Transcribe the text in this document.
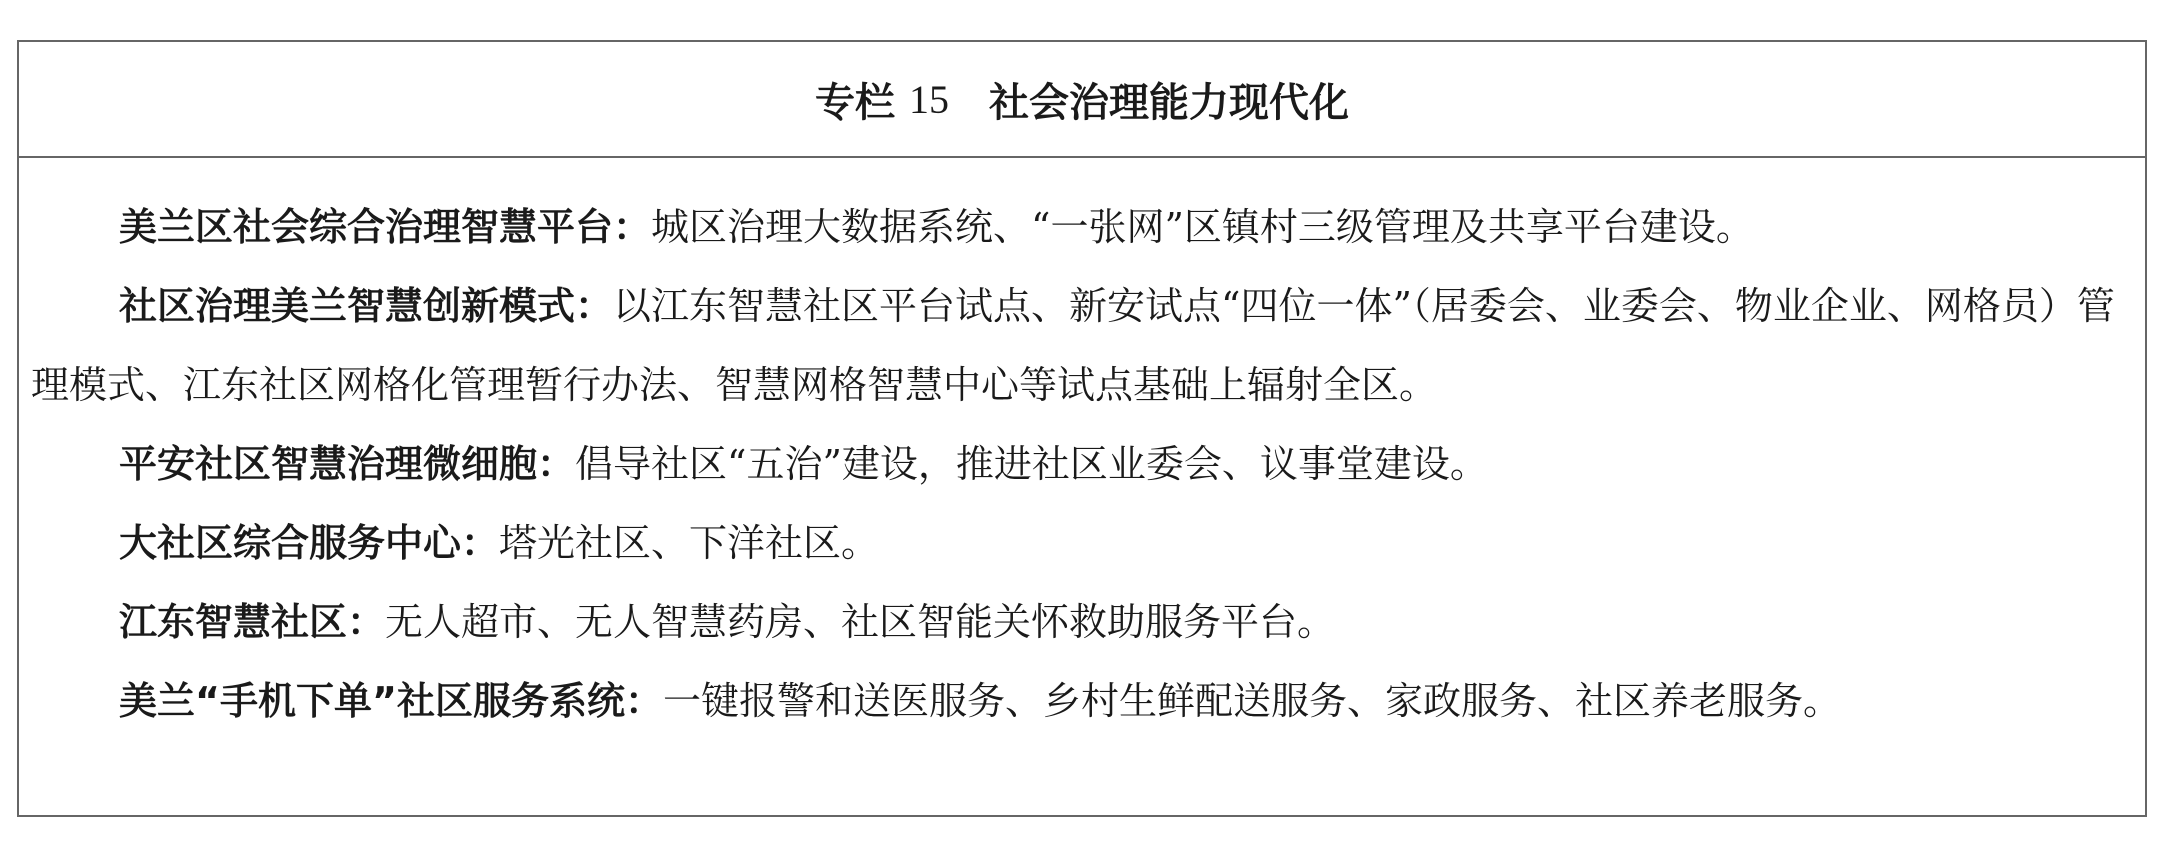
专栏 15 社会治理能力现代化

美兰区社会综合治理智慧平台：城区治理大数据系统、“一张网”区镇村三级管理及共享平台建设。

社区治理美兰智慧创新模式：以江东智慧社区平台试点、新安试点“四位一体”（居委会、业委会、物业企业、网格员）管理模式、江东社区网格化管理暂行办法、智慧网格智慧中心等试点基础上辐射全区。

平安社区智慧治理微细胞：倡导社区“五治”建设，推进社区业委会、议事堂建设。

大社区综合服务中心：塔光社区、下洋社区。

江东智慧社区：无人超市、无人智慧药房、社区智能关怀救助服务平台。

美兰“手机下单”社区服务系统：一键报警和送医服务、乡村生鲜配送服务、家政服务、社区养老服务。
